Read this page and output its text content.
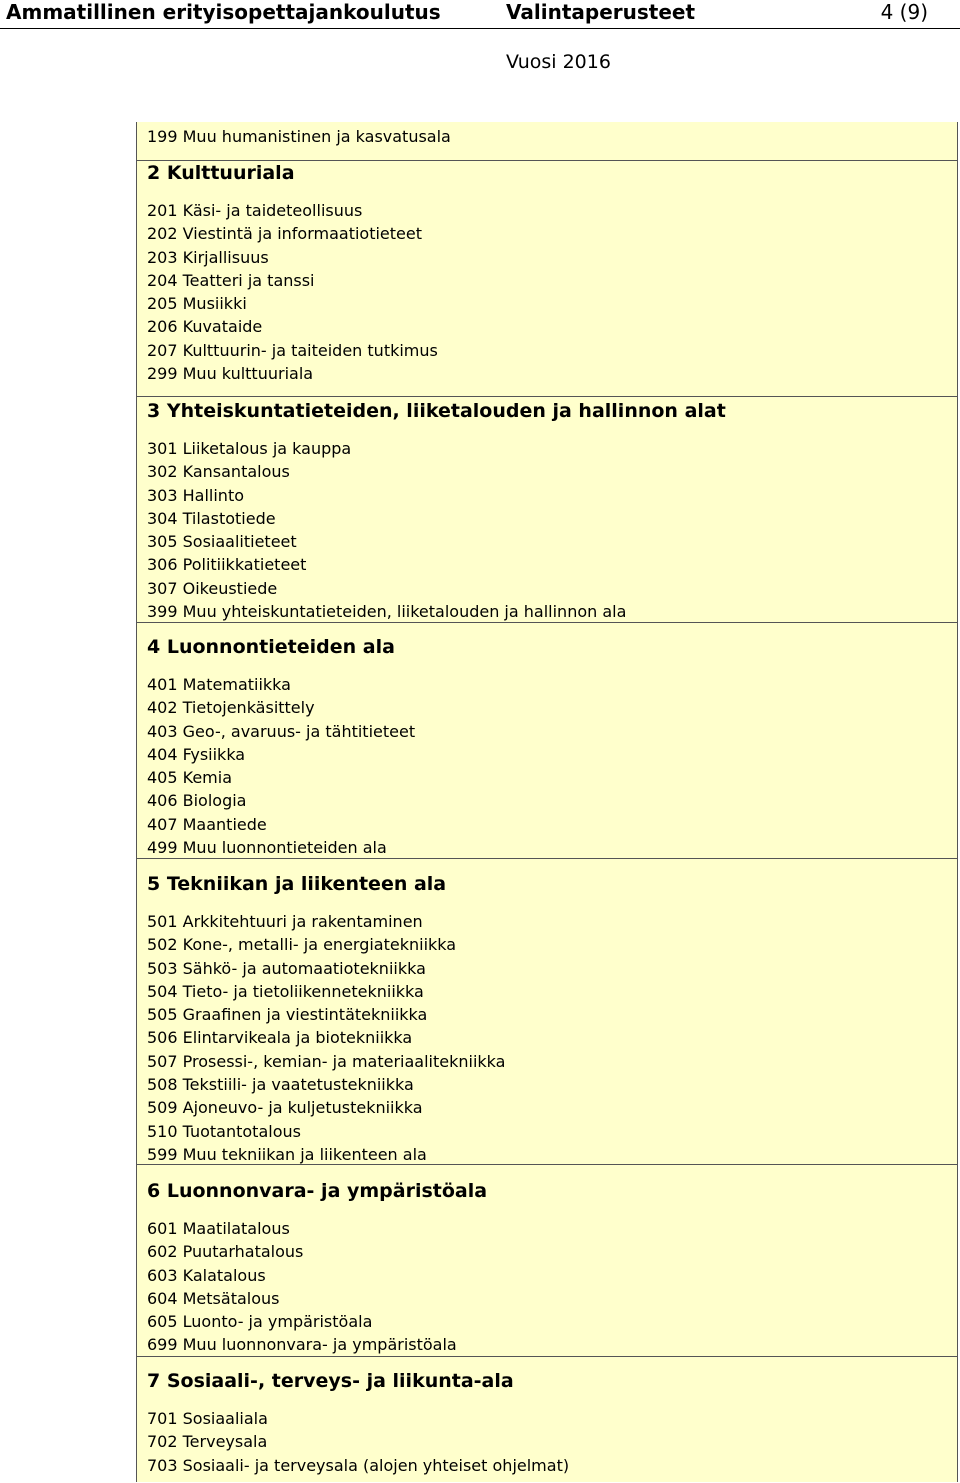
Ammatillinen erityisopettajankoulutus	Valintaperusteet	4 (9)
Vuosi 2016
199 Muu humanistinen ja kasvatusala
2 Kulttuuriala
201 Käsi- ja taideteollisuus
202 Viestintä ja informaatiotieteet
203 Kirjallisuus
204 Teatteri ja tanssi
205 Musiikki
206 Kuvataide
207 Kulttuurin- ja taiteiden tutkimus
299 Muu kulttuuriala
3 Yhteiskuntatieteiden, liiketalouden ja hallinnon alat
301 Liiketalous ja kauppa
302 Kansantalous
303 Hallinto
304 Tilastotiede
305 Sosiaalitieteet
306 Politiikkatieteet
307 Oikeustiede
399 Muu yhteiskuntatieteiden, liiketalouden ja hallinnon ala
4 Luonnontieteiden ala
401 Matematiikka
402 Tietojenkäsittely
403 Geo-, avaruus- ja tähtitieteet
404 Fysiikka
405 Kemia
406 Biologia
407 Maantiede
499 Muu luonnontieteiden ala
5 Tekniikan ja liikenteen ala
501 Arkkitehtuuri ja rakentaminen
502 Kone-, metalli- ja energiatekniikka
503 Sähkö- ja automaatiotekniikka
504 Tieto- ja tietoliikennetekniikka
505 Graafinen ja viestintätekniikka
506 Elintarvikeala ja biotekniikka
507 Prosessi-, kemian- ja materiaalitekniikka
508 Tekstiili- ja vaatetustekniikka
509 Ajoneuvo- ja kuljetustekniikka
510 Tuotantotalous
599 Muu tekniikan ja liikenteen ala
6 Luonnonvara- ja ympäristöala
601 Maatilatalous
602 Puutarhatalous
603 Kalatalous
604 Metsätalous
605 Luonto- ja ympäristöala
699 Muu luonnonvara- ja ympäristöala
7 Sosiaali-, terveys- ja liikunta-ala
701 Sosiaaliala
702 Terveysala
703 Sosiaali- ja terveysala (alojen yhteiset ohjelmat)
